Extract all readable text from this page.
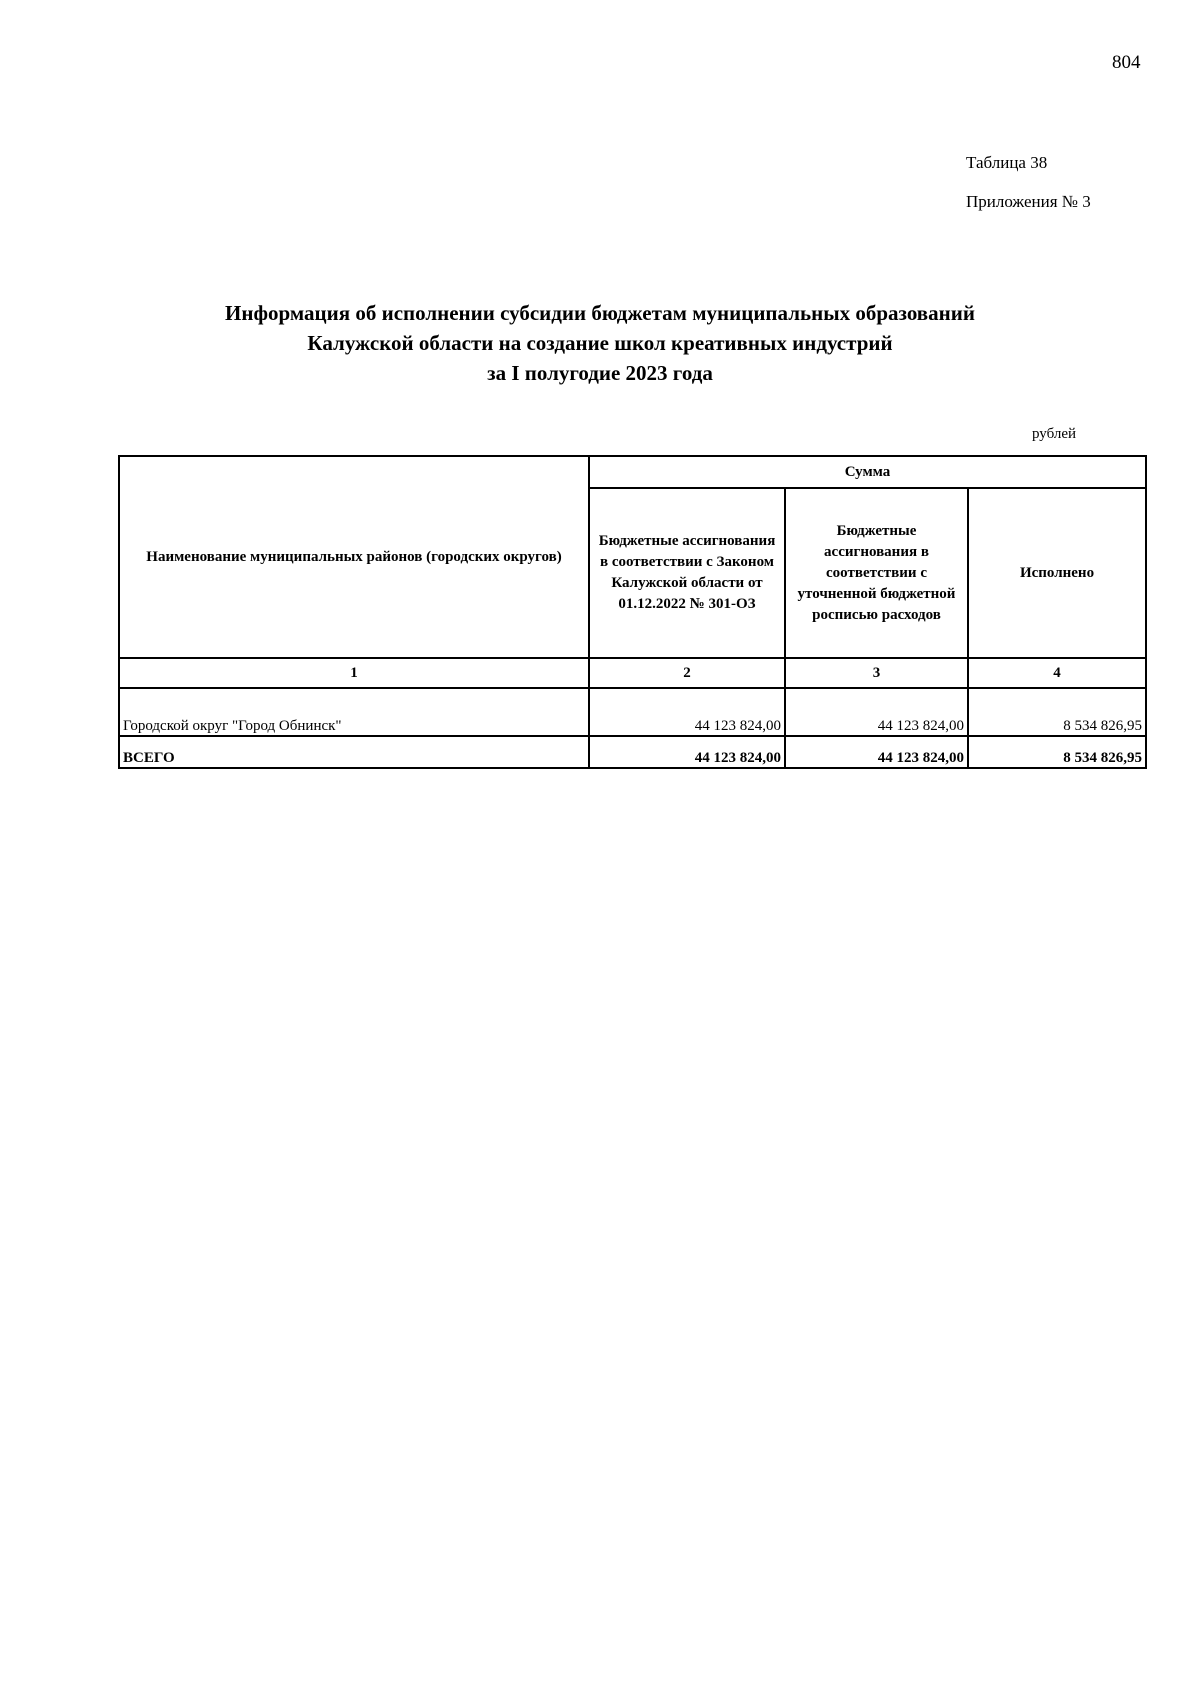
804
Таблица 38
Приложения № 3
Информация об исполнении субсидии бюджетам муниципальных образований
Калужской области на создание школ креативных индустрий
за I полугодие 2023 года
рублей
Наименование муниципальных районов (городских округов)	Сумма		
	Бюджетные ассигнования в соответствии с Законом Калужской области от 01.12.2022 № 301-ОЗ	Бюджетные ассигнования в соответствии с уточненной бюджетной росписью расходов	Исполнено
1	2	3	4
Городской округ "Город Обнинск"	44 123 824,00	44 123 824,00	8 534 826,95
ВСЕГО	44 123 824,00	44 123 824,00	8 534 826,95
